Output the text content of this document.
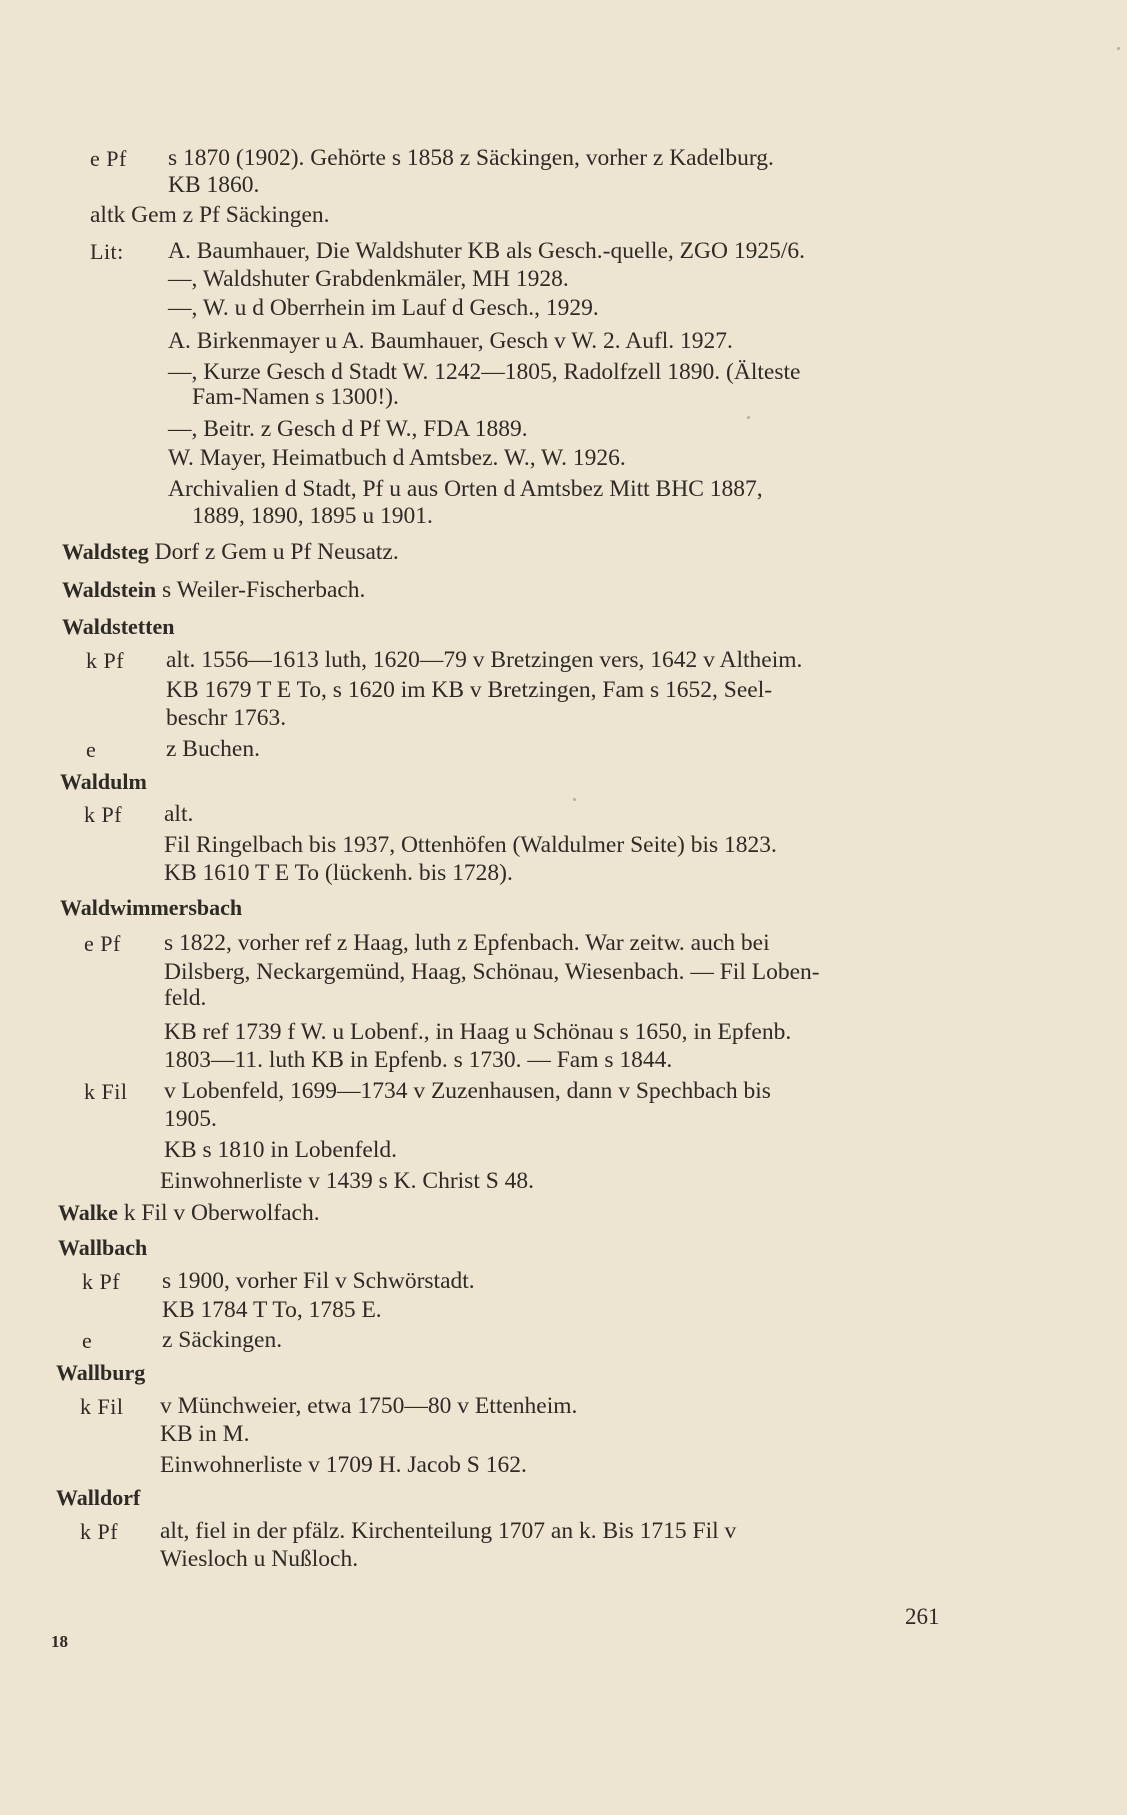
e Pf s 1870 (1902). Gehörte s 1858 z Säckingen, vorher z Kadelburg.
KB 1860.
altk Gem z Pf Säckingen.
Lit: A. Baumhauer, Die Waldshuter KB als Gesch.-quelle, ZGO 1925/6.
—, Waldshuter Grabdenkmäler, MH 1928.
—, W. u d Oberrhein im Lauf d Gesch., 1929.
A. Birkenmayer u A. Baumhauer, Gesch v W. 2. Aufl. 1927.
—, Kurze Gesch d Stadt W. 1242—1805, Radolfzell 1890. (Älteste
Fam-Namen s 1300!).
—, Beitr. z Gesch d Pf W., FDA 1889.
W. Mayer, Heimatbuch d Amtsbez. W., W. 1926.
Archivalien d Stadt, Pf u aus Orten d Amtsbez Mitt BHC 1887,
1889, 1890, 1895 u 1901.
Waldsteg Dorf z Gem u Pf Neusatz.
Waldstein s Weiler-Fischerbach.
Waldstetten
k Pf alt. 1556—1613 luth, 1620—79 v Bretzingen vers, 1642 v Altheim.
KB 1679 T E To, s 1620 im KB v Bretzingen, Fam s 1652, Seel-
beschr 1763.
e	z Buchen.
Waldulm
k Pf alt.
Fil Ringelbach bis 1937, Ottenhöfen (Waldulmer Seite) bis 1823.
KB 1610 T E To (lückenh. bis 1728).
Waldwimmersbach
e Pf s 1822, vorher ref z Haag, luth z Epfenbach. War zeitw. auch bei
Dilsberg, Neckargemünd, Haag, Schönau, Wiesenbach. — Fil Loben-
feld.
KB ref 1739 f W. u Lobenf., in Haag u Schönau s 1650, in Epfenb.
1803—11. luth KB in Epfenb. s 1730. — Fam s 1844.
k Fil v Lobenfeld, 1699—1734 v Zuzenhausen, dann v Spechbach bis
1905.
KB s 1810 in Lobenfeld.
Einwohnerliste v 1439 s K. Christ S 48.
Walke k Fil v Oberwolfach.
Wallbach
k Pf s 1900, vorher Fil v Schwörstadt.
KB 1784 T To, 1785 E.
e	z Säckingen.
Wallburg
k Fil v Münchweier, etwa 1750—80 v Ettenheim.
KB in M.
Einwohnerliste v 1709 H. Jacob S 162.
Walldorf
k Pf alt, fiel in der pfälz. Kirchenteilung 1707 an k. Bis 1715 Fil v
Wiesloch u Nußloch.
261
18
